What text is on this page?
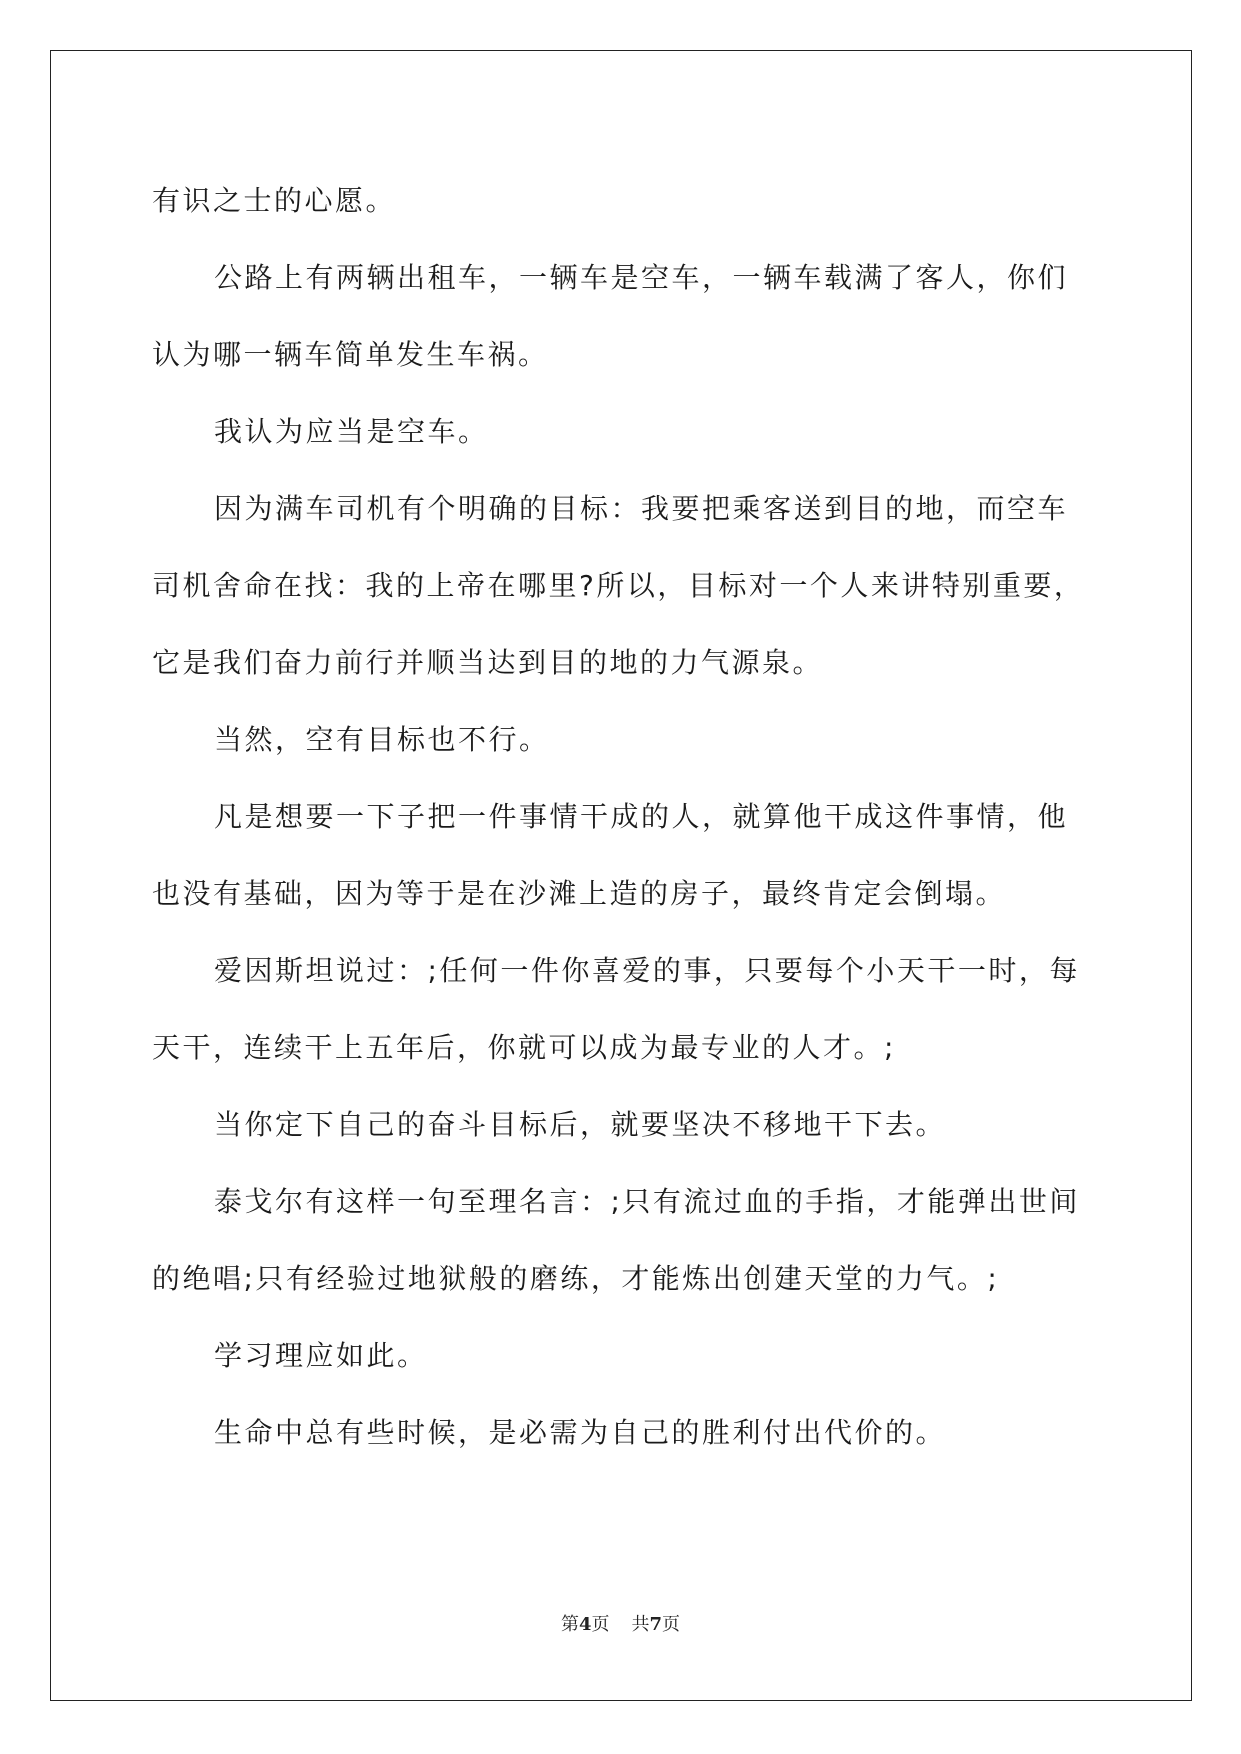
有识之士的心愿。

公路上有两辆出租车，一辆车是空车，一辆车载满了客人，你们

认为哪一辆车简单发生车祸。

我认为应当是空车。

因为满车司机有个明确的目标：我要把乘客送到目的地，而空车

司机舍命在找：我的上帝在哪里?所以，目标对一个人来讲特别重要，

它是我们奋力前行并顺当达到目的地的力气源泉。

当然，空有目标也不行。

凡是想要一下子把一件事情干成的人，就算他干成这件事情，他

也没有基础，因为等于是在沙滩上造的房子，最终肯定会倒塌。

爱因斯坦说过：;任何一件你喜爱的事，只要每个小天干一时，每

天干，连续干上五年后，你就可以成为最专业的人才。;

当你定下自己的奋斗目标后，就要坚决不移地干下去。

泰戈尔有这样一句至理名言：;只有流过血的手指，才能弹出世间

的绝唱;只有经验过地狱般的磨练，才能炼出创建天堂的力气。;

学习理应如此。

生命中总有些时候，是必需为自己的胜利付出代价的。

第4页 共7页
